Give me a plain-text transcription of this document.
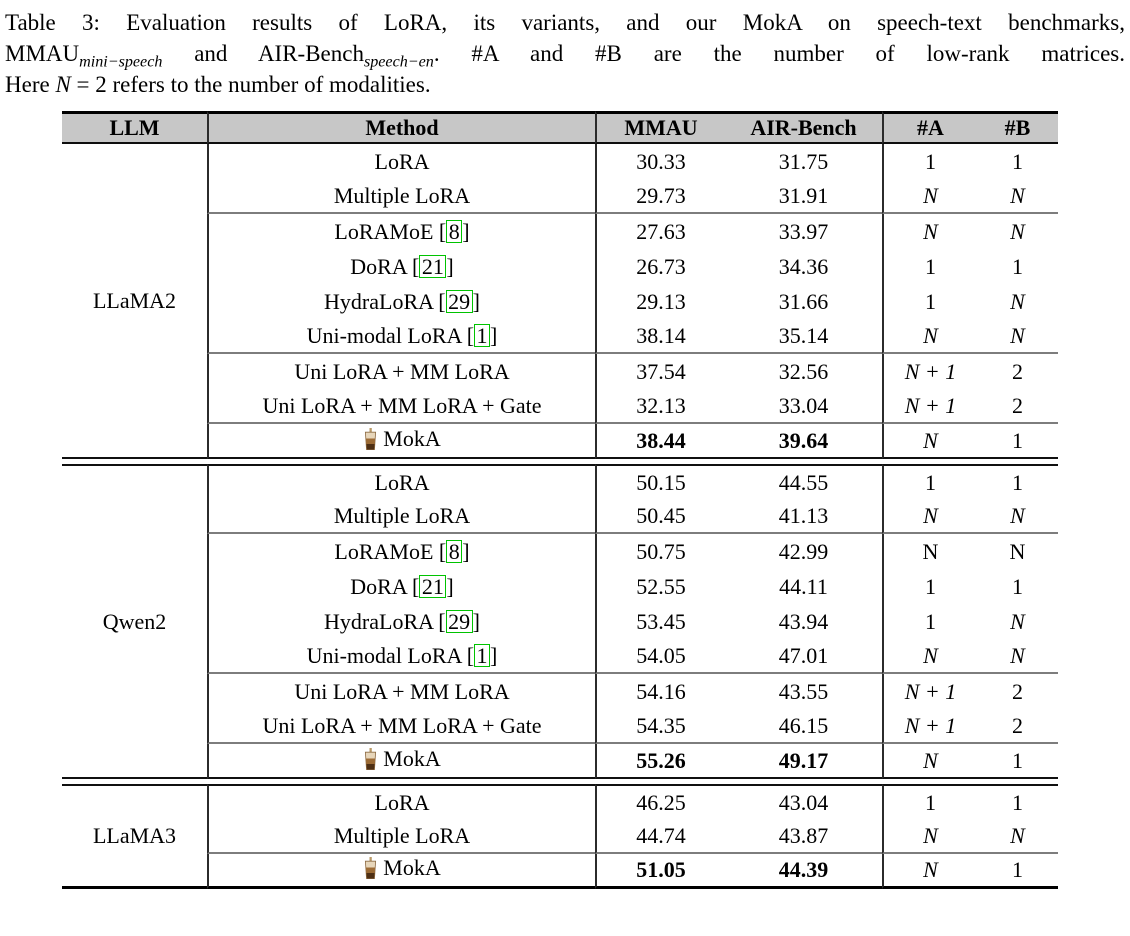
Table 3: Evaluation results of LoRA, its variants, and our MokA on speech-text benchmarks,
$MMAU_{mini-speech}$ and AIR-Bench$_{speech-en}$. #A and #B are the number of low-rank matrices.
Here N = 2 refers to the number of modalities.
LLM	Method	MMAU	AIR-Bench	#A	#B
LLaMA2	LoRA	30.33	31.75	1	1
	Multiple LoRA	29.73	31.91	N	N
	LoRAMoE [ 8 ]	27.63	33.97	N	N
	DoRA [ 21 ]	26.73	34.36	1	1
	HydraLoRA [ 29 ]	29.13	31.66	1	N
	Uni-modal LoRA [ 1 ]	38.14	35.14	N	N
	Uni LoRA + MM LoRA	37.54	32.56	N + 1	2
	Uni LoRA + MM LoRA + Gate	32.13	33.04	N + 1	2
	MokA	38.44	39.64	N	1

Qwen2	LoRA	50.15	44.55	1	1
	Multiple LoRA	50.45	41.13	N	N
	LoRAMoE [ 8 ]	50.75	42.99	N	N
	DoRA [ 21 ]	52.55	44.11	1	1
	HydraLoRA [ 29 ]	53.45	43.94	1	N
	Uni-modal LoRA [ 1 ]	54.05	47.01	N	N
	Uni LoRA + MM LoRA	54.16	43.55	N + 1	2
	Uni LoRA + MM LoRA + Gate	54.35	46.15	N + 1	2
	MokA	55.26	49.17	N	1

LLaMA3	LoRA	46.25	43.04	1	1
	Multiple LoRA	44.74	43.87	N	N
	MokA	51.05	44.39	N	1
